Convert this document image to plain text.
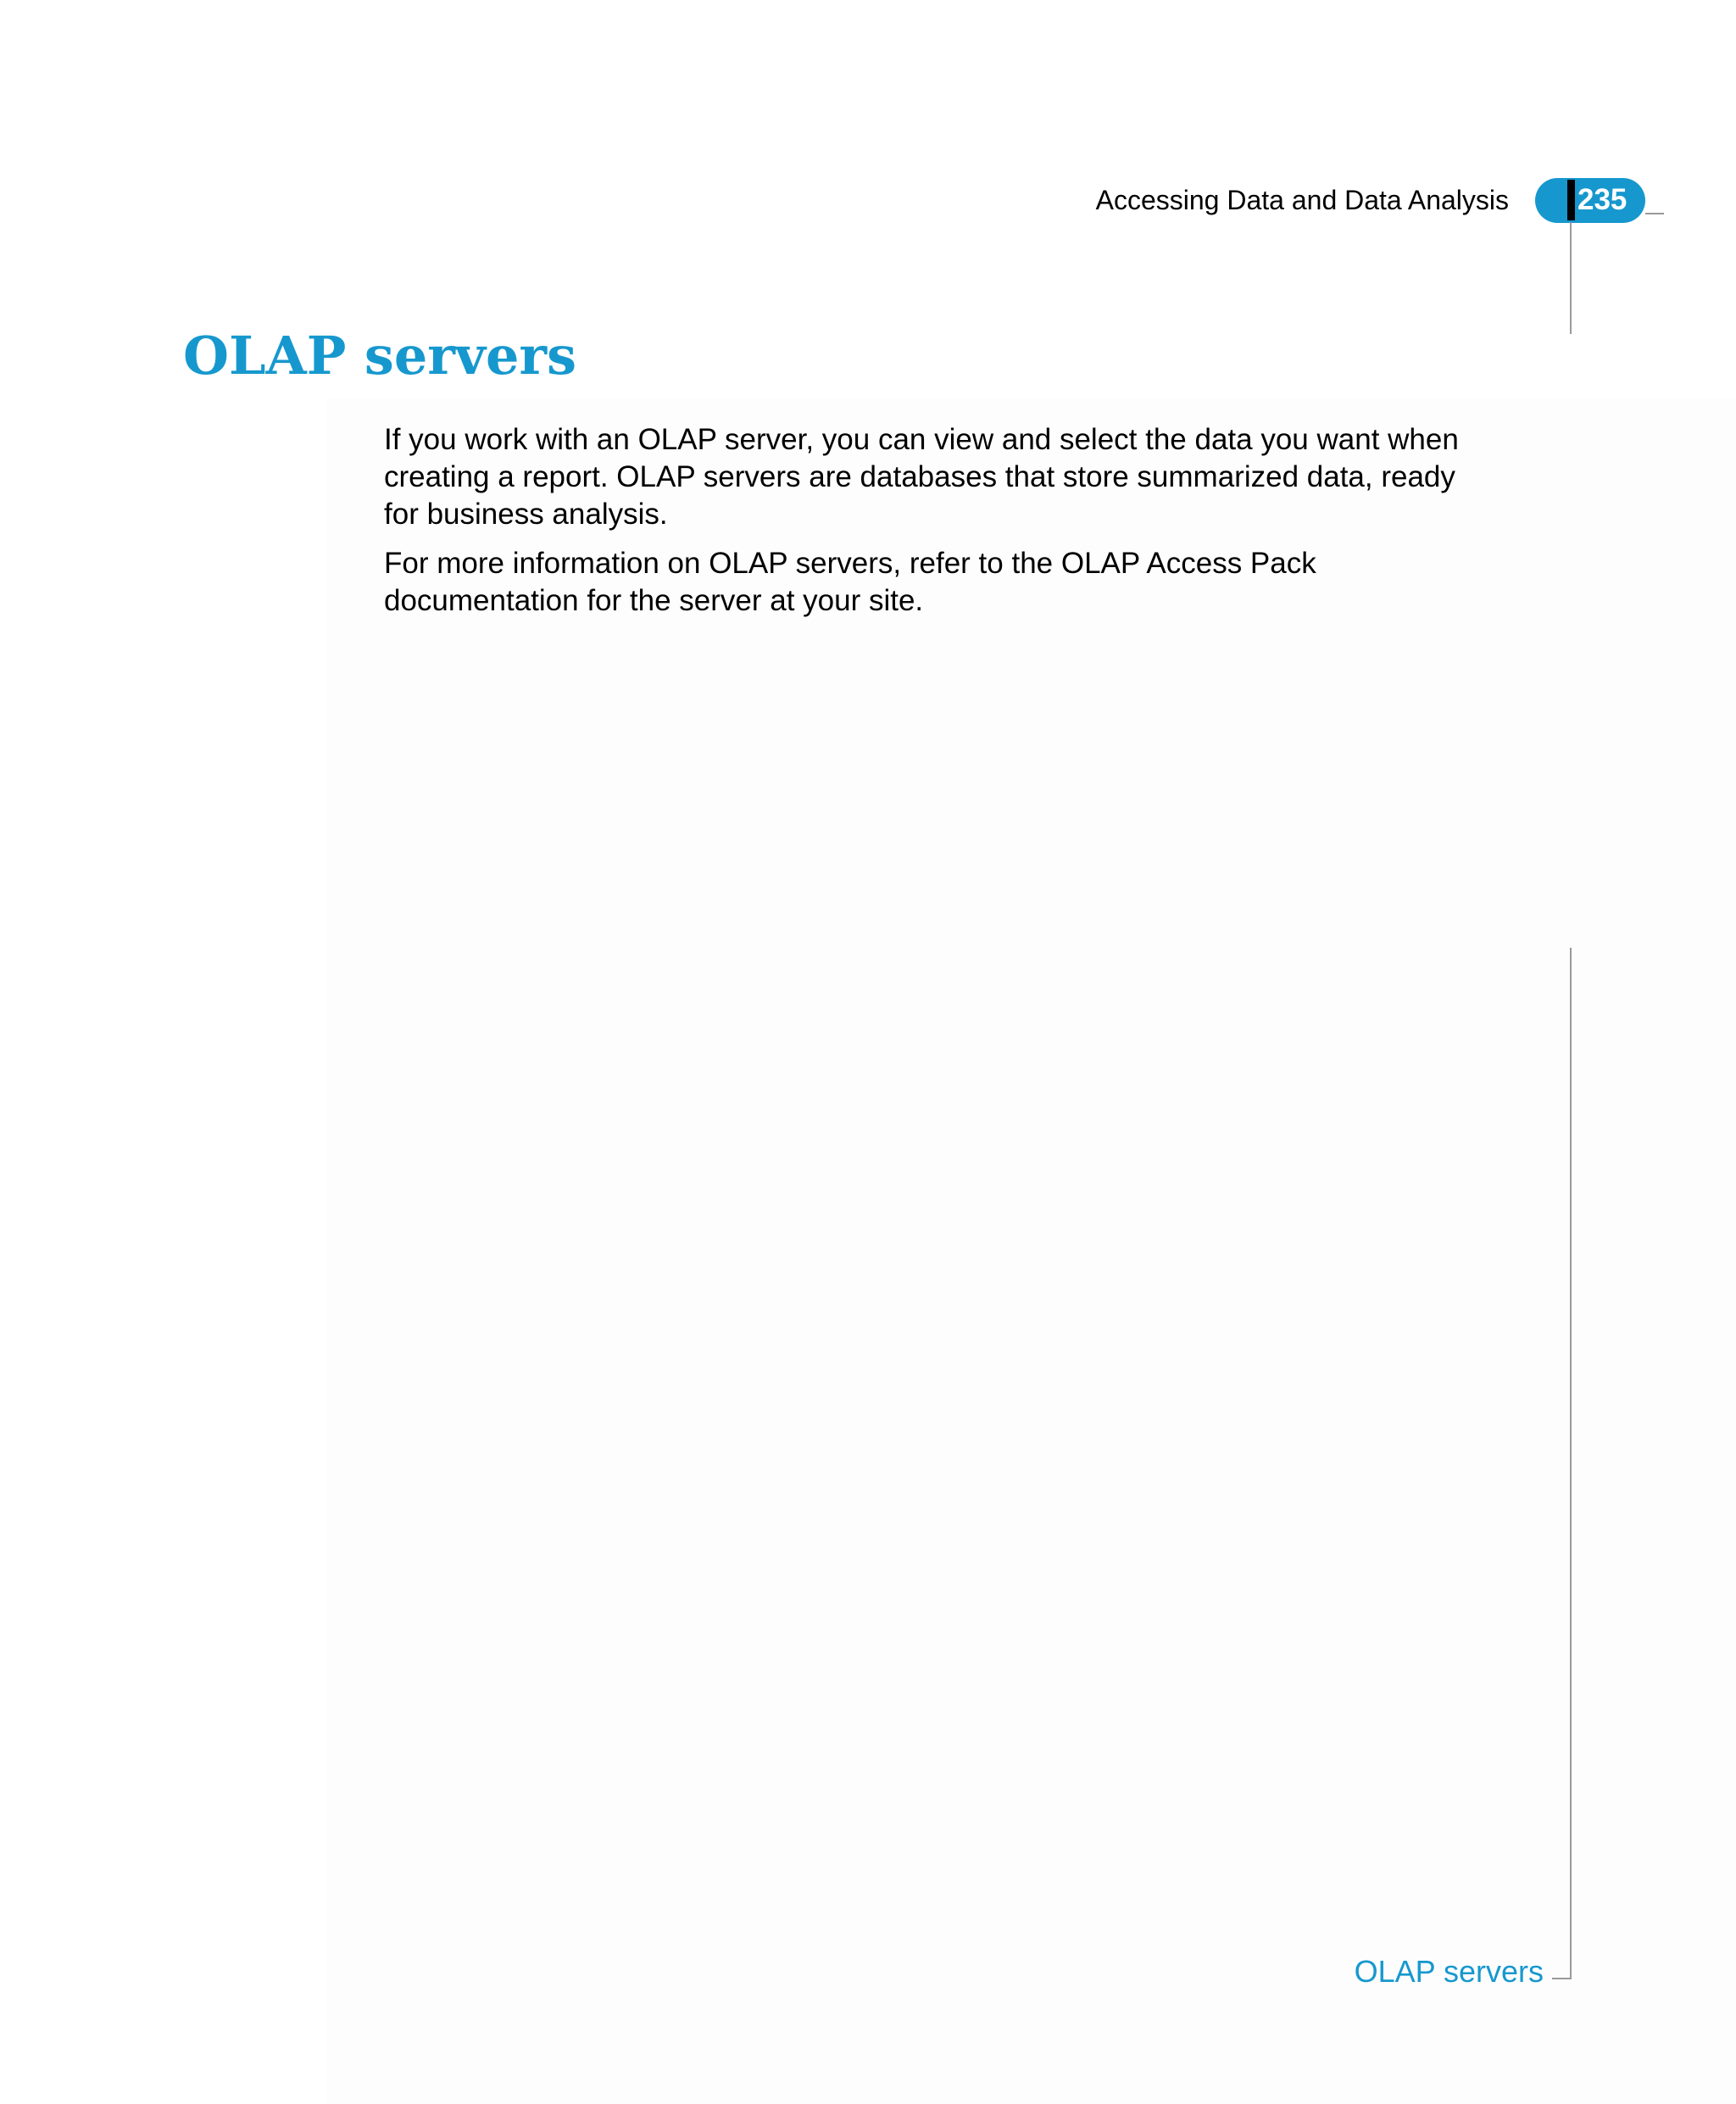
Accessing Data and Data Analysis 235
OLAP servers

If you work with an OLAP server, you can view and select the data you want when creating a report. OLAP servers are databases that store summarized data, ready for business analysis.

For more information on OLAP servers, refer to the OLAP Access Pack documentation for the server at your site.

OLAP servers
